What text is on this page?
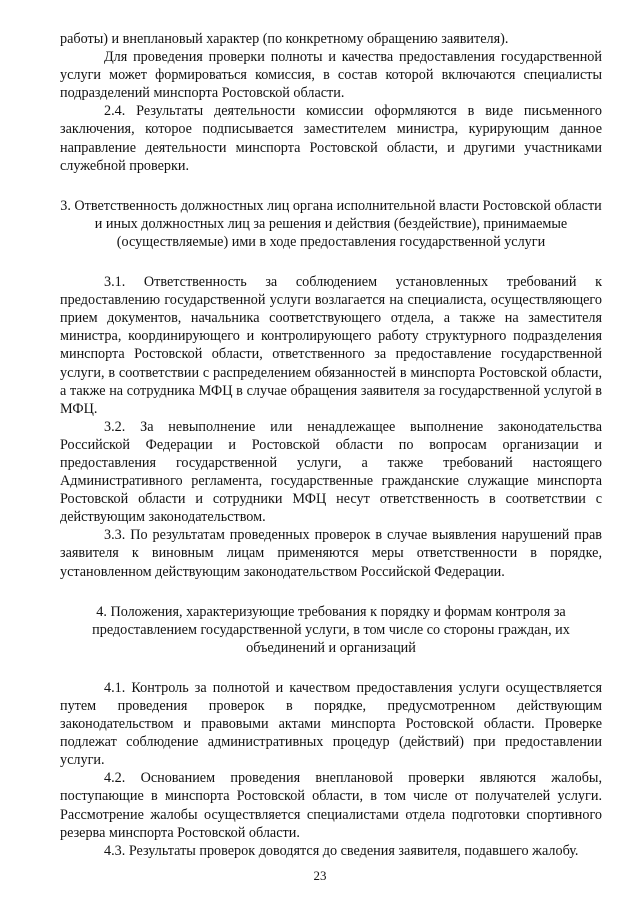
работы) и внеплановый характер (по конкретному обращению заявителя).

Для проведения проверки полноты и качества предоставления государственной услуги может формироваться комиссия, в состав которой включаются специалисты подразделений минспорта Ростовской области.

2.4. Результаты деятельности комиссии оформляются в виде письменного заключения, которое подписывается заместителем министра, курирующим данное направление деятельности минспорта Ростовской области, и другими участниками служебной проверки.

3. Ответственность должностных лиц органа исполнительной власти Ростовской области и иных должностных лиц за решения и действия (бездействие), принимаемые (осуществляемые) ими в ходе предоставления государственной услуги

3.1. Ответственность за соблюдением установленных требований к предоставлению государственной услуги возлагается на специалиста, осуществляющего прием документов, начальника соответствующего отдела, а также на заместителя министра, координирующего и контролирующего работу структурного подразделения минспорта Ростовской области, ответственного за предоставление государственной услуги, в соответствии с распределением обязанностей в минспорта Ростовской области, а также на сотрудника МФЦ в случае обращения заявителя за государственной услугой в МФЦ.

3.2. За невыполнение или ненадлежащее выполнение законодательства Российской Федерации и Ростовской области по вопросам организации и предоставления государственной услуги, а также требований настоящего Административного регламента, государственные гражданские служащие минспорта Ростовской области и сотрудники МФЦ несут ответственность в соответствии с действующим законодательством.

3.3. По результатам проведенных проверок в случае выявления нарушений прав заявителя к виновным лицам применяются меры ответственности в порядке, установленном действующим законодательством Российской Федерации.

4. Положения, характеризующие требования к порядку и формам контроля за предоставлением государственной услуги, в том числе со стороны граждан, их объединений и организаций

4.1. Контроль за полнотой и качеством предоставления услуги осуществляется путем проведения проверок в порядке, предусмотренном действующим законодательством и правовыми актами минспорта Ростовской области. Проверке подлежат соблюдение административных процедур (действий) при предоставлении услуги.

4.2. Основанием проведения внеплановой проверки являются жалобы, поступающие в минспорта Ростовской области, в том числе от получателей услуги. Рассмотрение жалобы осуществляется специалистами отдела подготовки спортивного резерва минспорта Ростовской области.

4.3. Результаты проверок доводятся до сведения заявителя, подавшего жалобу.

23
